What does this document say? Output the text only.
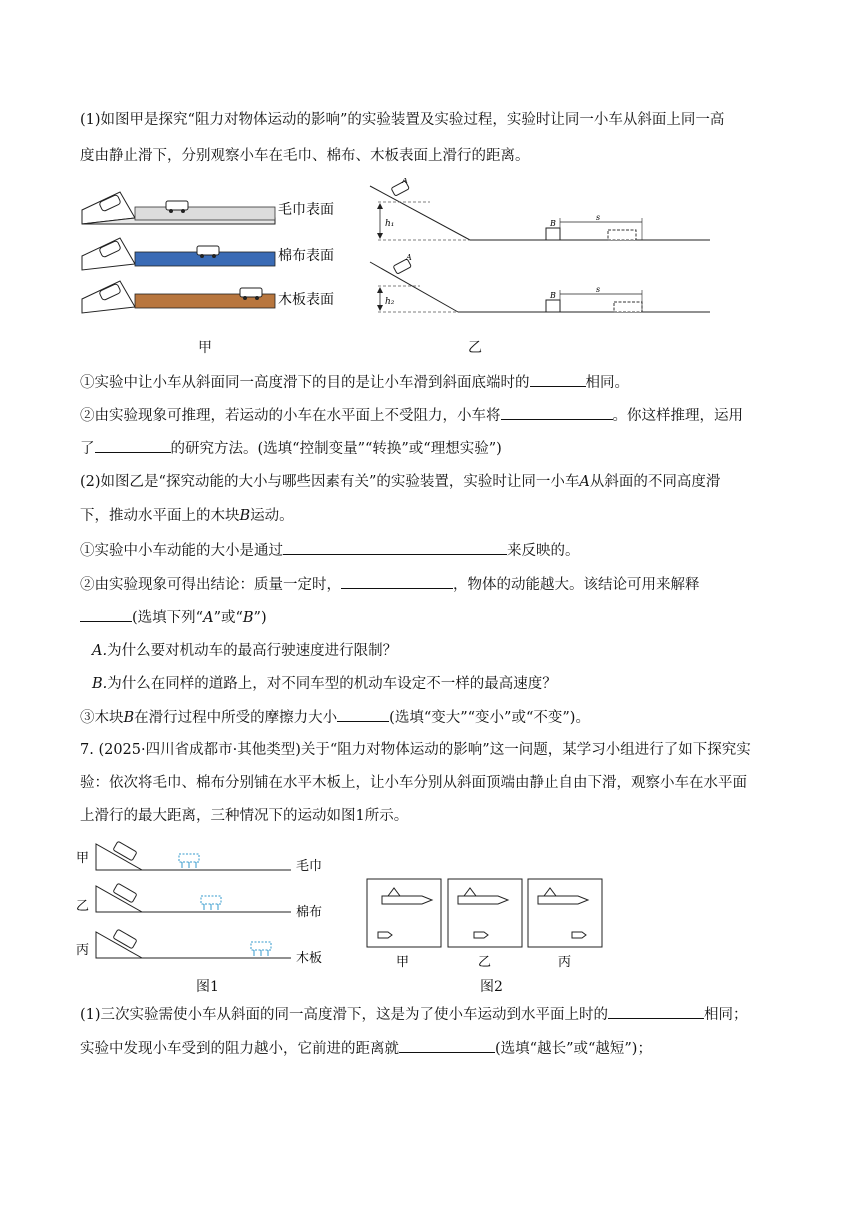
(1)如图甲是探究“阻力对物体运动的影响”的实验装置及实验过程，实验时让同一小车从斜面上同一高
度由静止滑下，分别观察小车在毛巾、棉布、木板表面上滑行的距离。
毛巾表面
棉布表面
木板表面
h₁
A
B
s
h₂
A
B
s
甲	乙
①实验中让小车从斜面同一高度滑下的目的是让小车滑到斜面底端时的	相同。
②由实验现象可推理，若运动的小车在水平面上不受阻力，小车将	。你这样推理，运用
了	的研究方法。(选填“控制变量”“转换”或“理想实验”)
(2)如图乙是“探究动能的大小与哪些因素有关”的实验装置，实验时让同一小车A从斜面的不同高度滑
下，推动水平面上的木块B运动。
①实验中小车动能的大小是通过	来反映的。
②由实验现象可得出结论：质量一定时，	，物体的动能越大。该结论可用来解释
(选填下列“A”或“B”)
A.为什么要对机动车的最高行驶速度进行限制？
B.为什么在同样的道路上，对不同车型的机动车设定不一样的最高速度？
③木块B在滑行过程中所受的摩擦力大小	(选填“变大”“变小”或“不变”)。
7. (2025·四川省成都市·其他类型)关于“阻力对物体运动的影响”这一问题，某学习小组进行了如下探究实
验：依次将毛巾、棉布分别铺在水平木板上，让小车分别从斜面顶端由静止自由下滑，观察小车在水平面
上滑行的最大距离，三种情况下的运动如图1所示。
甲
毛巾
乙	棉布
丙
木板
图1
甲	乙	丙
图2
(1)三次实验需使小车从斜面的同一高度滑下，这是为了使小车运动到水平面上时的	相同；
实验中发现小车受到的阻力越小，它前进的距离就	(选填“越长”或“越短”)；
